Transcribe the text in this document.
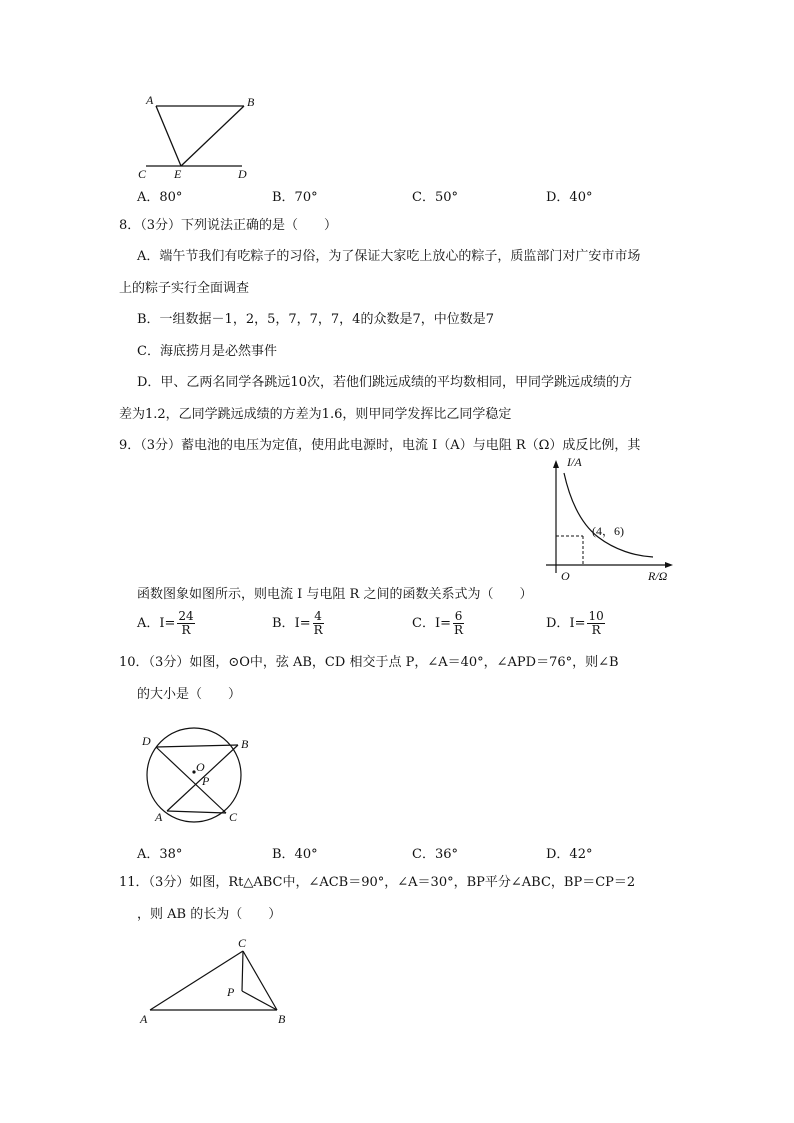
A	B
C E	D
A．80°	B．70°	C．50°	D．40°
8．（3分）下列说法正确的是（　　）
A．端午节我们有吃粽子的习俗，为了保证大家吃上放心的粽子，质监部门对广安市市场
上的粽子实行全面调查
B．一组数据－1，2，5，7，7，7，4的众数是7，中位数是7
C．海底捞月是必然事件
D．甲、乙两名同学各跳远10次，若他们跳远成绩的平均数相同，甲同学跳远成绩的方
差为1.2，乙同学跳远成绩的方差为1.6，则甲同学发挥比乙同学稳定
9．（3分）蓄电池的电压为定值，使用此电源时，电流 I（A）与电阻 R（Ω）成反比例，其
I/A
(4，6)
O	R/Ω
函数图象如图所示，则电流 I 与电阻 R 之间的函数关系式为（　　）
A．$I= \frac{24}{R}$	B．$I= \frac{4}{R}$	C．$I= \frac{6}{R}$	D．$I= \frac{10}{R}$
10．（3分）如图，⊙O中，弦 AB，CD 相交于点 P，∠A＝40°，∠APD＝76°，则∠B
的大小是（　　）
D	B
O
P
A	C
A．38°	B．40°	C．36°	D．42°
11．（3分）如图，Rt△ABC中，∠ACB＝90°，∠A＝30°，BP平分∠ABC，BP＝CP＝2
，则 AB 的长为（　　）
C
P
A	B
